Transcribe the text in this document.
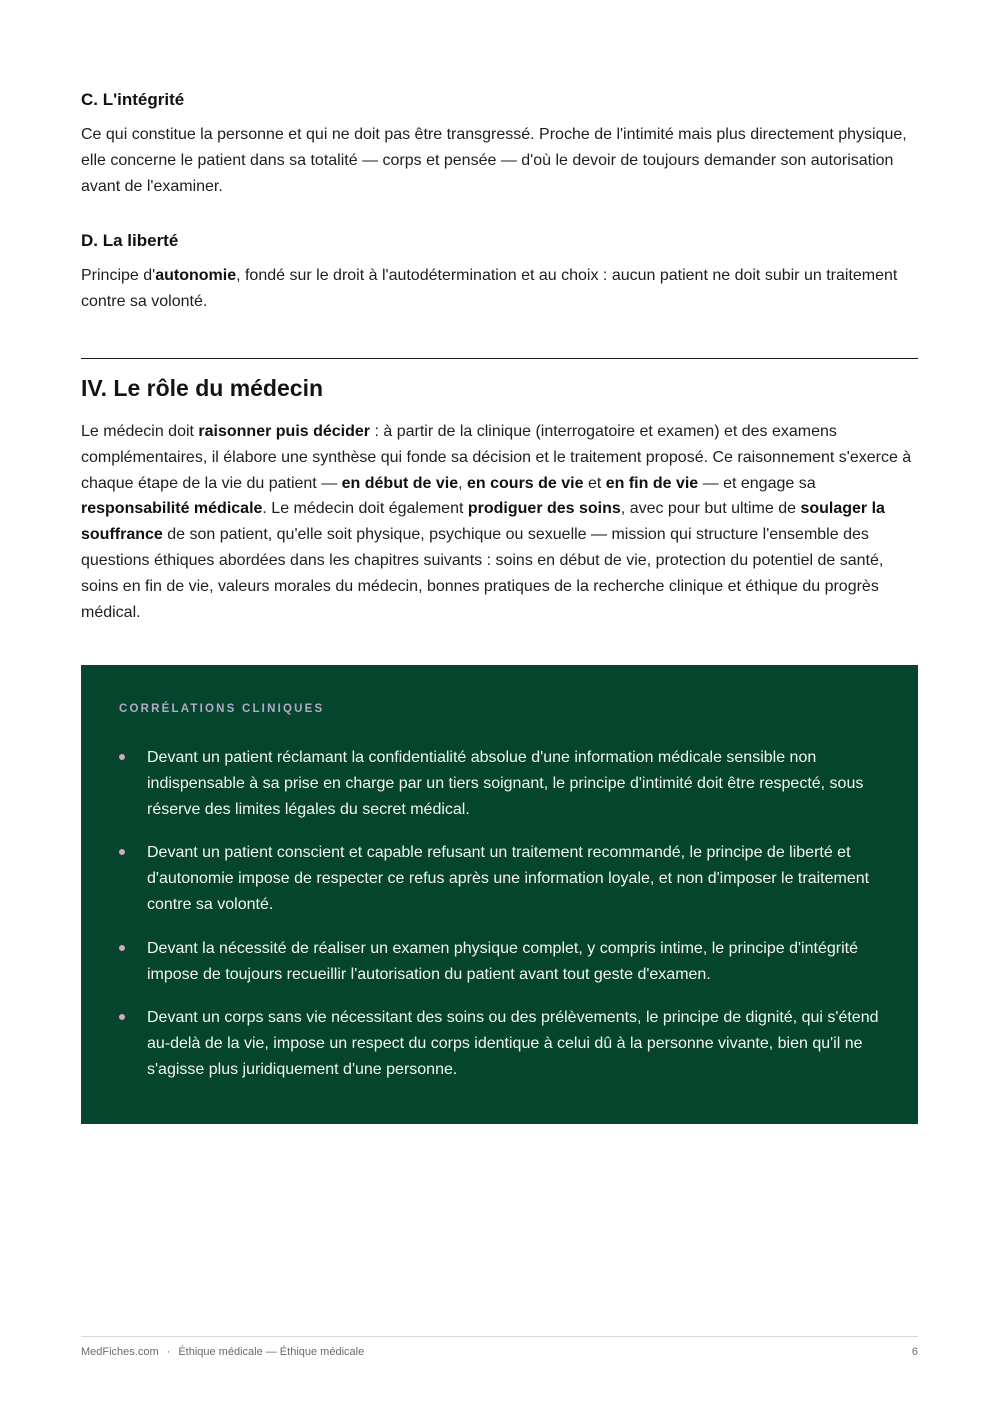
C. L'intégrité

Ce qui constitue la personne et qui ne doit pas être transgressé. Proche de l'intimité mais plus directement physique, elle concerne le patient dans sa totalité — corps et pensée — d'où le devoir de toujours demander son autorisation avant de l'examiner.

D. La liberté

Principe d'autonomie, fondé sur le droit à l'autodétermination et au choix : aucun patient ne doit subir un traitement contre sa volonté.

IV. Le rôle du médecin

Le médecin doit raisonner puis décider : à partir de la clinique (interrogatoire et examen) et des examens complémentaires, il élabore une synthèse qui fonde sa décision et le traitement proposé. Ce raisonnement s'exerce à chaque étape de la vie du patient — en début de vie, en cours de vie et en fin de vie — et engage sa responsabilité médicale. Le médecin doit également prodiguer des soins, avec pour but ultime de soulager la souffrance de son patient, qu'elle soit physique, psychique ou sexuelle — mission qui structure l'ensemble des questions éthiques abordées dans les chapitres suivants : soins en début de vie, protection du potentiel de santé, soins en fin de vie, valeurs morales du médecin, bonnes pratiques de la recherche clinique et éthique du progrès médical.

CORRÉLATIONS CLINIQUES
Devant un patient réclamant la confidentialité absolue d'une information médicale sensible non indispensable à sa prise en charge par un tiers soignant, le principe d'intimité doit être respecté, sous réserve des limites légales du secret médical.
Devant un patient conscient et capable refusant un traitement recommandé, le principe de liberté et d'autonomie impose de respecter ce refus après une information loyale, et non d'imposer le traitement contre sa volonté.
Devant la nécessité de réaliser un examen physique complet, y compris intime, le principe d'intégrité impose de toujours recueillir l'autorisation du patient avant tout geste d'examen.
Devant un corps sans vie nécessitant des soins ou des prélèvements, le principe de dignité, qui s'étend au-delà de la vie, impose un respect du corps identique à celui dû à la personne vivante, bien qu'il ne s'agisse plus juridiquement d'une personne.
MedFiches.com · Éthique médicale — Éthique médicale	6
